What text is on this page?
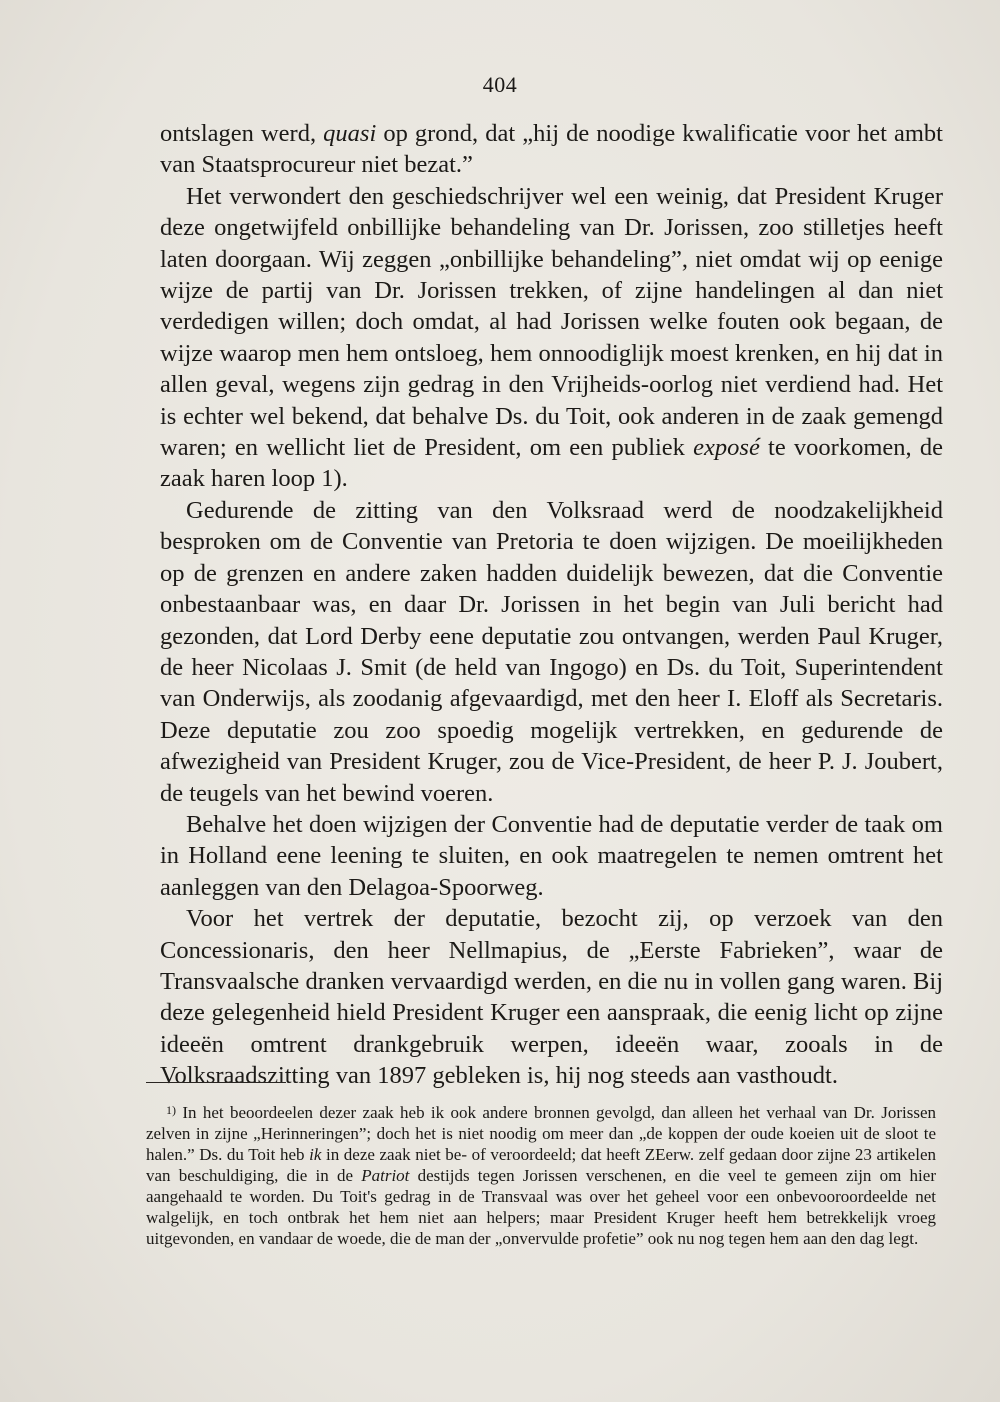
404

ontslagen werd, quasi op grond, dat „hij de noodige kwalificatie voor het ambt van Staatsprocureur niet bezat.”

Het verwondert den geschiedschrijver wel een weinig, dat President Kruger deze ongetwijfeld onbillijke behandeling van Dr. Jorissen, zoo stilletjes heeft laten doorgaan. Wij zeggen „onbillijke behandeling”, niet omdat wij op eenige wijze de partij van Dr. Jorissen trekken, of zijne handelingen al dan niet verdedigen willen; doch omdat, al had Jorissen welke fouten ook begaan, de wijze waarop men hem ontsloeg, hem onnoodiglijk moest krenken, en hij dat in allen geval, wegens zijn gedrag in den Vrijheids-oorlog niet verdiend had. Het is echter wel bekend, dat behalve Ds. du Toit, ook anderen in de zaak gemengd waren; en wellicht liet de President, om een publiek exposé te voorkomen, de zaak haren loop 1).

Gedurende de zitting van den Volksraad werd de noodzakelijkheid besproken om de Conventie van Pretoria te doen wijzigen. De moeilijkheden op de grenzen en andere zaken hadden duidelijk bewezen, dat die Conventie onbestaanbaar was, en daar Dr. Jorissen in het begin van Juli bericht had gezonden, dat Lord Derby eene deputatie zou ontvangen, werden Paul Kruger, de heer Nicolaas J. Smit (de held van Ingogo) en Ds. du Toit, Superintendent van Onderwijs, als zoodanig afgevaardigd, met den heer I. Eloff als Secretaris. Deze deputatie zou zoo spoedig mogelijk vertrekken, en gedurende de afwezigheid van President Kruger, zou de Vice-President, de heer P. J. Joubert, de teugels van het bewind voeren.

Behalve het doen wijzigen der Conventie had de deputatie verder de taak om in Holland eene leening te sluiten, en ook maatregelen te nemen omtrent het aanleggen van den Delagoa-Spoorweg.

Voor het vertrek der deputatie, bezocht zij, op verzoek van den Concessionaris, den heer Nellmapius, de „Eerste Fabrieken”, waar de Transvaalsche dranken vervaardigd werden, en die nu in vollen gang waren. Bij deze gelegenheid hield President Kruger een aanspraak, die eenig licht op zijne ideeën omtrent drankgebruik werpen, ideeën waar, zooals in de Volksraadszitting van 1897 gebleken is, hij nog steeds aan vasthoudt.

$^{1)}$ In het beoordeelen dezer zaak heb ik ook andere bronnen gevolgd, dan alleen het verhaal van Dr. Jorissen zelven in zijne „Herinneringen”; doch het is niet noodig om meer dan „de koppen der oude koeien uit de sloot te halen.” Ds. du Toit heb ik in deze zaak niet be- of veroordeeld; dat heeft ZEerw. zelf gedaan door zijne 23 artikelen van beschuldiging, die in de Patriot destijds tegen Jorissen verschenen, en die veel te gemeen zijn om hier aangehaald te worden. Du Toit's gedrag in de Transvaal was over het geheel voor een onbevooroordeelde net walgelijk, en toch ontbrak het hem niet aan helpers; maar President Kruger heeft hem betrekkelijk vroeg uitgevonden, en vandaar de woede, die de man der „onvervulde profetie” ook nu nog tegen hem aan den dag legt.
